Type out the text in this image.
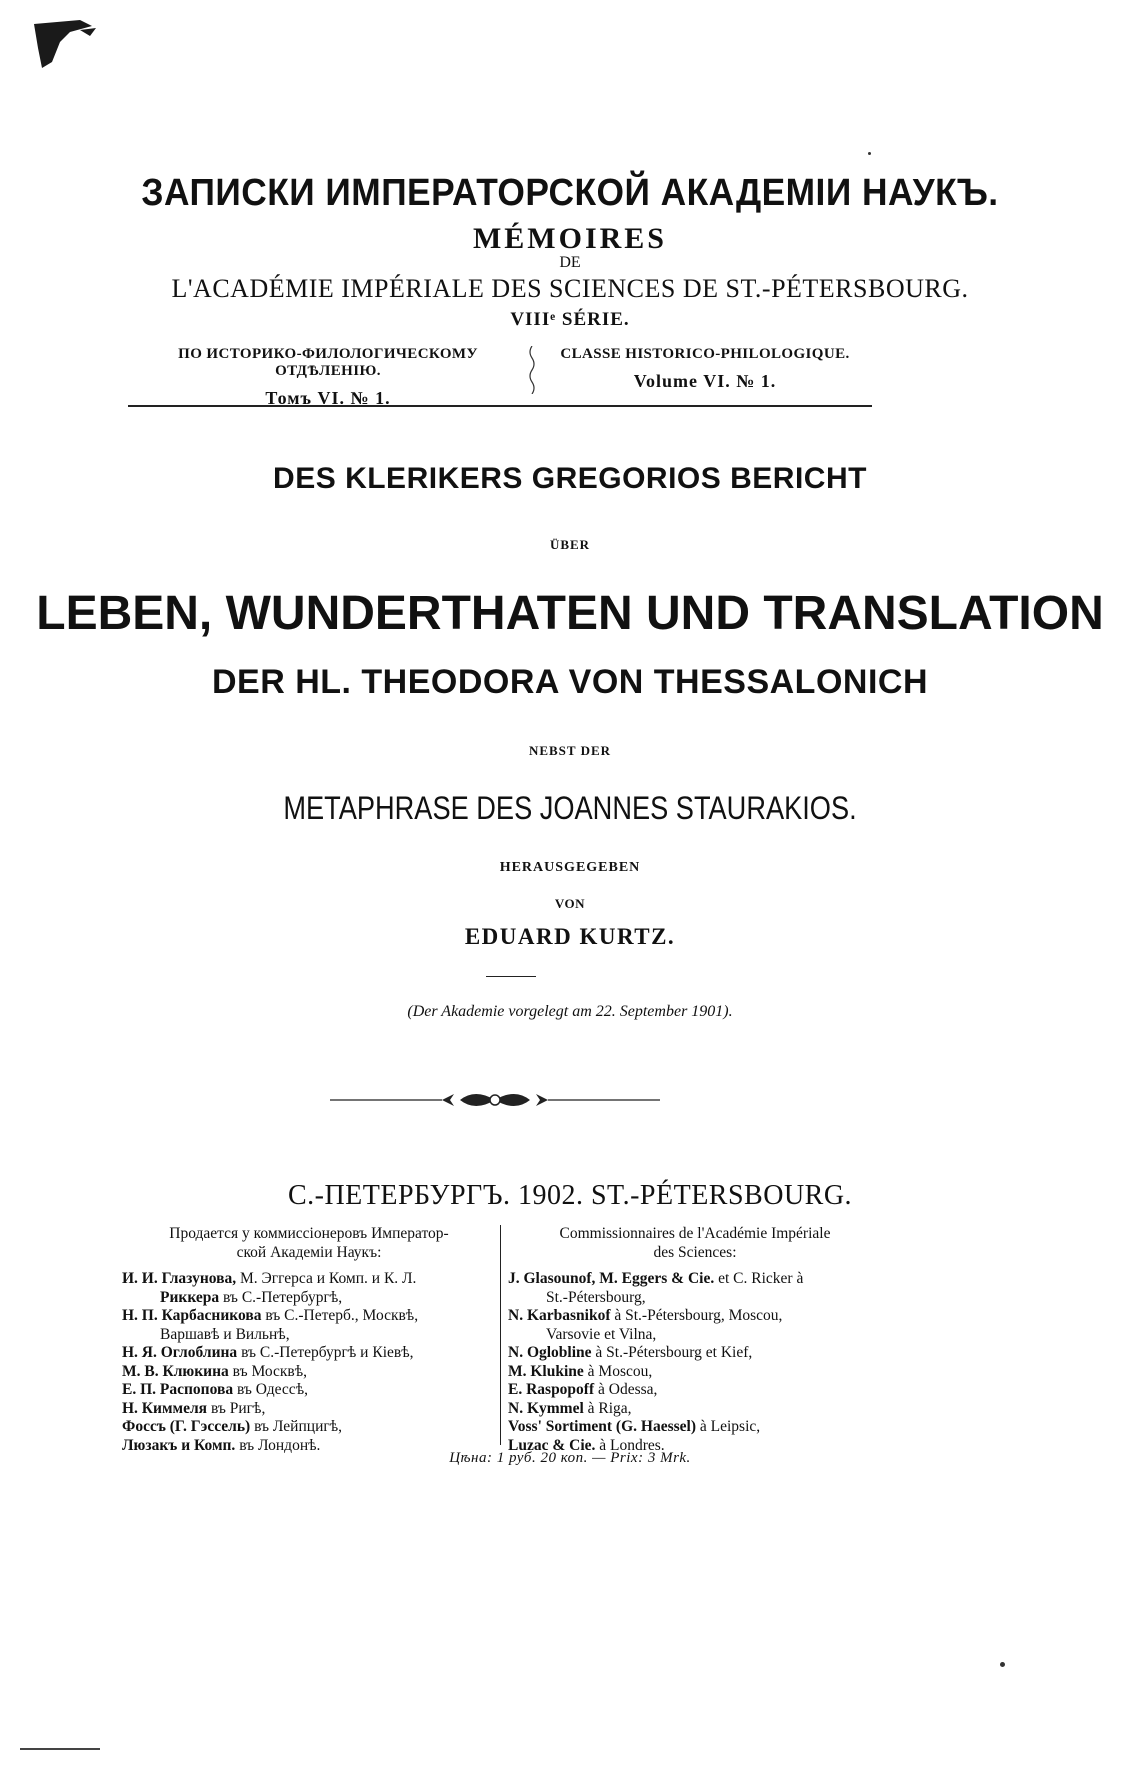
ЗАПИСКИ ИМПЕРАТОРСКОЙ АКАДЕМІИ НАУКЪ.
MÉMOIRES
DE
L'ACADÉMIE IMPÉRIALE DES SCIENCES DE ST.-PÉTERSBOURG.
VIIIᵉ SÉRIE.
ПО ИСТОРИКО-ФИЛОЛОГИЧЕСКОМУ ОТДѢЛЕНІЮ.
Томъ VI. № 1.
CLASSE HISTORICO-PHILOLOGIQUE.
Volume VI. № 1.
DES KLERIKERS GREGORIOS BERICHT
ÜBER
LEBEN, WUNDERTHATEN UND TRANSLATION
DER HL. THEODORA VON THESSALONICH
NEBST DER
METAPHRASE DES JOANNES STAURAKIOS.
HERAUSGEGEBEN
VON
EDUARD KURTZ.
(Der Akademie vorgelegt am 22. September 1901).
С.-ПЕТЕРБУРГЪ. 1902. ST.-PÉTERSBOURG.
Продается у коммиссіонеровъ Император-
ской Академіи Наукъ:
И. И. Глазунова, М. Эггерса и Комп. и К. Л.
Риккера въ С.-Петербургѣ,
Н. П. Карбасникова въ С.-Петерб., Москвѣ,
Варшавѣ и Вильнѣ,
Н. Я. Оглоблина въ С.-Петербургѣ и Кіевѣ,
М. В. Клюкина въ Москвѣ,
Е. П. Распопова въ Одессѣ,
Н. Киммеля въ Ригѣ,
Фоссъ (Г. Гэссель) въ Лейпцигѣ,
Люзакъ и Комп. въ Лондонѣ.
Commissionnaires de l'Académie Impériale
des Sciences:
J. Glasounof, M. Eggers & Cie. et C. Ricker à
St.-Pétersbourg,
N. Karbasnikof à St.-Pétersbourg, Moscou,
Varsovie et Vilna,
N. Oglobline à St.-Pétersbourg et Kief,
M. Klukine à Moscou,
E. Raspopoff à Odessa,
N. Kymmel à Riga,
Voss' Sortiment (G. Haessel) à Leipsic,
Luzac & Cie. à Londres.
Цѣна: 1 руб. 20 коп. — Prix: 3 Mrk.
